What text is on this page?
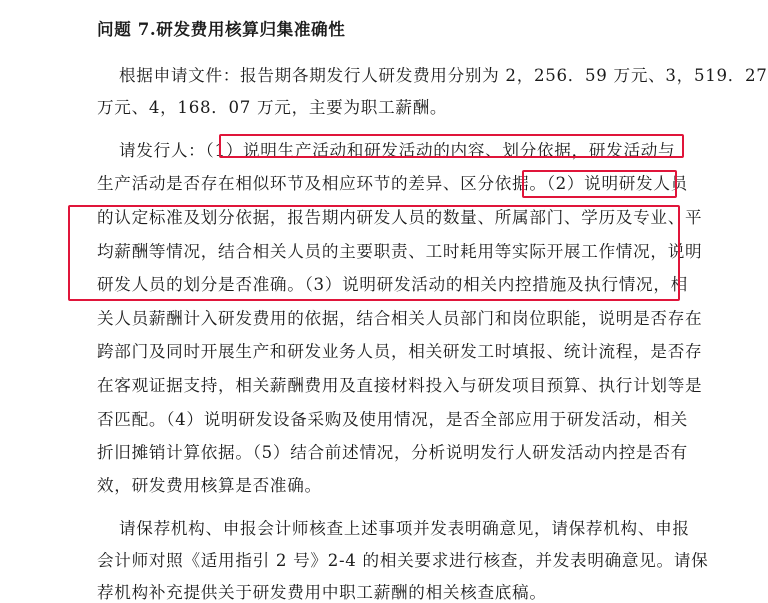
问题 7.研发费用核算归集准确性
根据申请文件：报告期各期发行人研发费用分别为 2，256．59 万元、3，519．27
万元、4，168．07 万元，主要为职工薪酬。
请发行人：（1）说明生产活动和研发活动的内容、划分依据，研发活动与
生产活动是否存在相似环节及相应环节的差异、区分依据。（2）说明研发人员
的认定标准及划分依据，报告期内研发人员的数量、所属部门、学历及专业、平
均薪酬等情况，结合相关人员的主要职责、工时耗用等实际开展工作情况，说明
研发人员的划分是否准确。（3）说明研发活动的相关内控措施及执行情况，相
关人员薪酬计入研发费用的依据，结合相关人员部门和岗位职能，说明是否存在
跨部门及同时开展生产和研发业务人员，相关研发工时填报、统计流程，是否存
在客观证据支持，相关薪酬费用及直接材料投入与研发项目预算、执行计划等是
否匹配。（4）说明研发设备采购及使用情况，是否全部应用于研发活动，相关
折旧摊销计算依据。（5）结合前述情况，分析说明发行人研发活动内控是否有
效，研发费用核算是否准确。
请保荐机构、申报会计师核查上述事项并发表明确意见，请保荐机构、申报
会计师对照《适用指引 2 号》2-4 的相关要求进行核查，并发表明确意见。请保
荐机构补充提供关于研发费用中职工薪酬的相关核查底稿。
